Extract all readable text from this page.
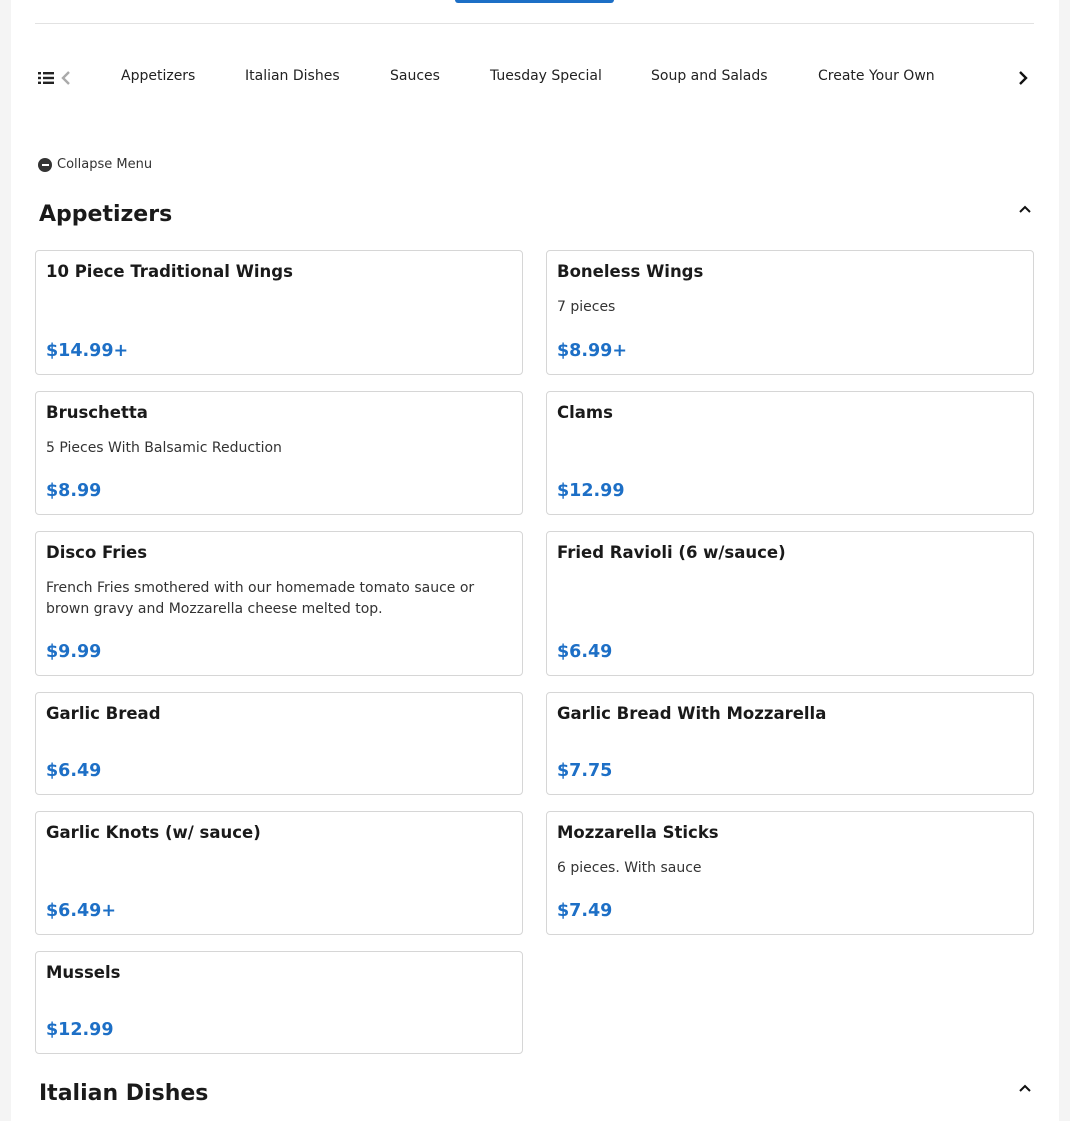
Appetizers	Italian Dishes	Sauces	Tuesday Special	Soup and Salads	Create Your Own
Collapse Menu
Appetizers
10 Piece Traditional Wings
$14.99+
Boneless Wings
7 pieces
$8.99+
Bruschetta
5 Pieces With Balsamic Reduction
$8.99
Clams
$12.99
Disco Fries
French Fries smothered with our homemade tomato sauce or brown gravy and Mozzarella cheese melted top.
$9.99
Fried Ravioli (6 w/sauce)
$6.49
Garlic Bread
$6.49
Garlic Bread With Mozzarella
$7.75
Garlic Knots (w/ sauce)
$6.49+
Mozzarella Sticks
6 pieces. With sauce
$7.49
Mussels
$12.99
Italian Dishes
